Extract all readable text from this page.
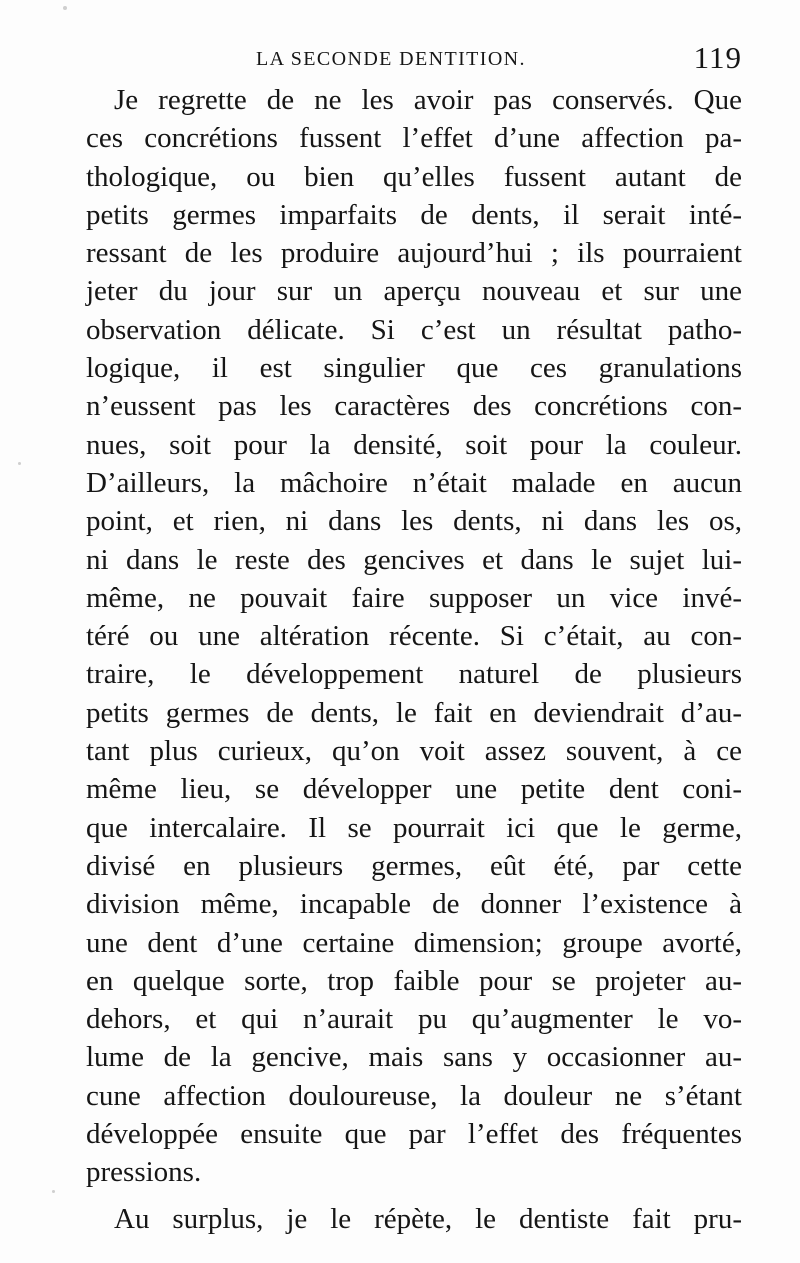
LA SECONDE DENTITION.	119
Je regrette de ne les avoir pas conservés. Que
ces concrétions fussent l’effet d’une affection pa-
thologique, ou bien qu’elles fussent autant de
petits germes imparfaits de dents, il serait inté-
ressant de les produire aujourd’hui ; ils pourraient
jeter du jour sur un aperçu nouveau et sur une
observation délicate. Si c’est un résultat patho-
logique, il est singulier que ces granulations
n’eussent pas les caractères des concrétions con-
nues, soit pour la densité, soit pour la couleur.
D’ailleurs, la mâchoire n’était malade en aucun
point, et rien, ni dans les dents, ni dans les os,
ni dans le reste des gencives et dans le sujet lui-
même, ne pouvait faire supposer un vice invé-
téré ou une altération récente. Si c’était, au con-
traire, le développement naturel de plusieurs
petits germes de dents, le fait en deviendrait d’au-
tant plus curieux, qu’on voit assez souvent, à ce
même lieu, se développer une petite dent coni-
que intercalaire. Il se pourrait ici que le germe,
divisé en plusieurs germes, eût été, par cette
division même, incapable de donner l’existence à
une dent d’une certaine dimension; groupe avorté,
en quelque sorte, trop faible pour se projeter au-
dehors, et qui n’aurait pu qu’augmenter le vo-
lume de la gencive, mais sans y occasionner au-
cune affection douloureuse, la douleur ne s’étant
développée ensuite que par l’effet des fréquentes
pressions.
Au surplus, je le répète, le dentiste fait pru-
